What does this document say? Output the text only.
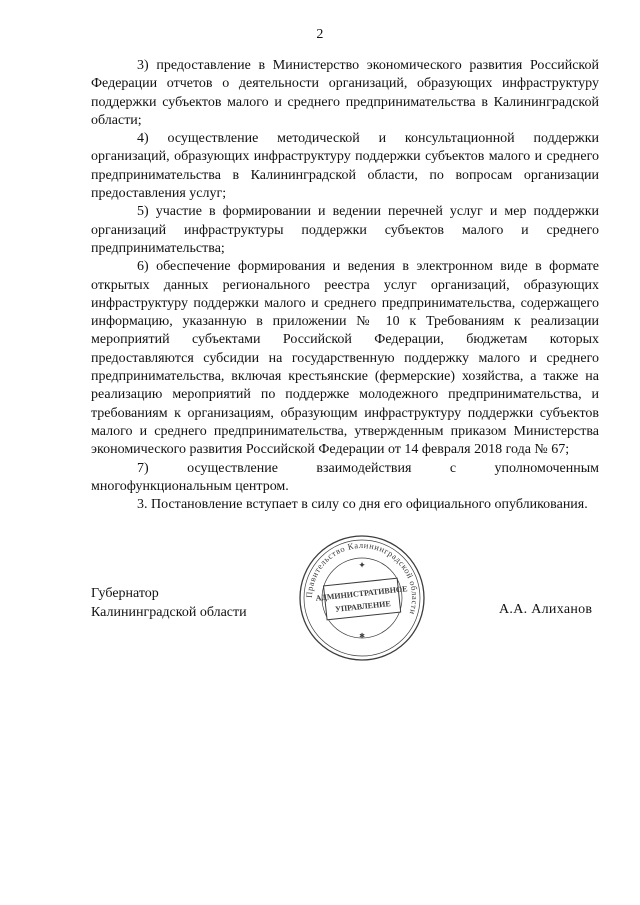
2

3) предоставление в Министерство экономического развития Российской Федерации отчетов о деятельности организаций, образующих инфраструктуру поддержки субъектов малого и среднего предпринимательства в Калининградской области;

4) осуществление методической и консультационной поддержки организаций, образующих инфраструктуру поддержки субъектов малого и среднего предпринимательства в Калининградской области, по вопросам организации предоставления услуг;

5) участие в формировании и ведении перечней услуг и мер поддержки организаций инфраструктуры поддержки субъектов малого и среднего предпринимательства;

6) обеспечение формирования и ведения в электронном виде в формате открытых данных регионального реестра услуг организаций, образующих инфраструктуру поддержки малого и среднего предпринимательства, содержащего информацию, указанную в приложении № 10 к Требованиям к реализации мероприятий субъектами Российской Федерации, бюджетам которых предоставляются субсидии на государственную поддержку малого и среднего предпринимательства, включая крестьянские (фермерские) хозяйства, а также на реализацию мероприятий по поддержке молодежного предпринимательства, и требованиям к организациям, образующим инфраструктуру поддержки субъектов малого и среднего предпринимательства, утвержденным приказом Министерства экономического развития Российской Федерации от 14 февраля 2018 года № 67;

7) осуществление взаимодействия с уполномоченным многофункциональным центром.

3. Постановление вступает в силу со дня его официального опубликования.

Губернатор
Калининградской области
Правительство Калининградской области
АДМИНИСТРАТИВНОЕ
УПРАВЛЕНИЕ
✦
✱
А.А. Алиханов
